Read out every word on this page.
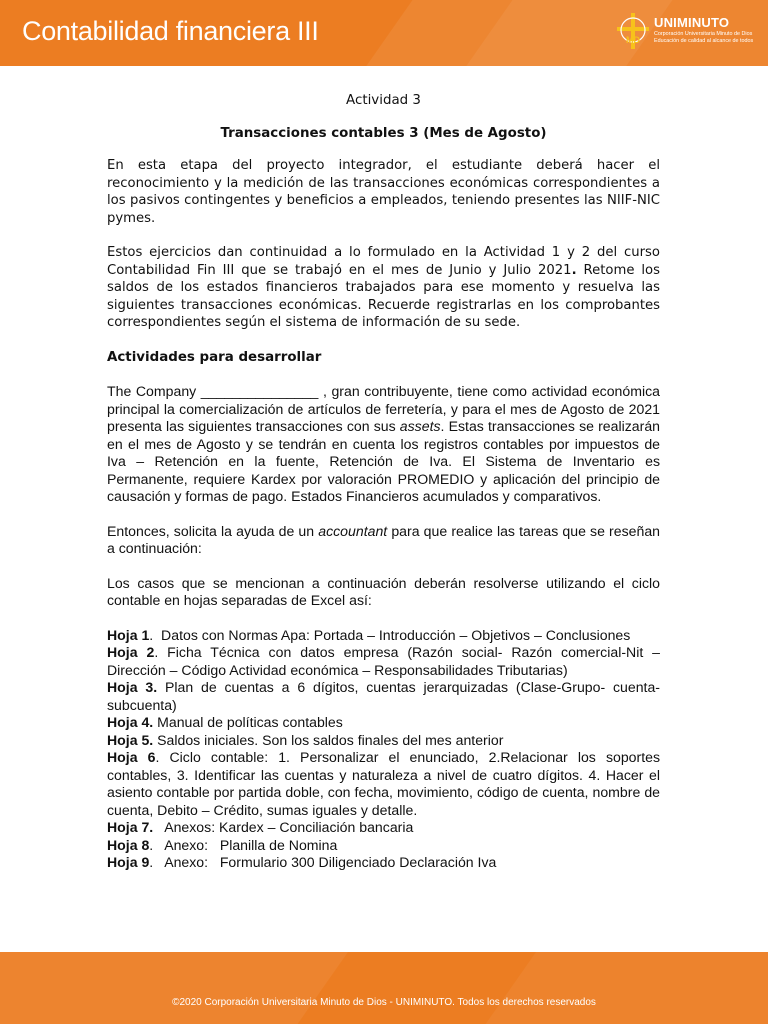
Contabilidad financiera III	MD
UNIMINUTO
Corporación Universitaria Minuto de Dios
Educación de calidad al alcance de todos
Actividad 3
Transacciones contables 3 (Mes de Agosto)

En esta etapa del proyecto integrador, el estudiante deberá hacer el reconocimiento y la medición de las transacciones económicas correspondientes a los pasivos contingentes y beneficios a empleados, teniendo presentes las NIIF-NIC pymes.

Estos ejercicios dan continuidad a lo formulado en la Actividad 1 y 2 del curso Contabilidad Fin III que se trabajó en el mes de Junio y Julio 2021. Retome los saldos de los estados financieros trabajados para ese momento y resuelva las siguientes transacciones económicas. Recuerde registrarlas en los comprobantes correspondientes según el sistema de información de su sede.

Actividades para desarrollar

The Company _______________ , gran contribuyente, tiene como actividad económica principal la comercialización de artículos de ferretería, y para el mes de Agosto de 2021 presenta las siguientes transacciones con sus assets. Estas transacciones se realizarán en el mes de Agosto y se tendrán en cuenta los registros contables por impuestos de Iva – Retención en la fuente, Retención de Iva. El Sistema de Inventario es Permanente, requiere Kardex por valoración PROMEDIO y aplicación del principio de causación y formas de pago. Estados Financieros acumulados y comparativos.

Entonces, solicita la ayuda de un accountant para que realice las tareas que se reseñan a continuación:

Los casos que se mencionan a continuación deberán resolverse utilizando el ciclo contable en hojas separadas de Excel así:

Hoja 1.  Datos con Normas Apa: Portada – Introducción – Objetivos – Conclusiones
Hoja 2. Ficha Técnica con datos empresa (Razón social- Razón comercial-Nit – Dirección – Código Actividad económica – Responsabilidades Tributarias)
Hoja 3. Plan de cuentas a 6 dígitos, cuentas jerarquizadas (Clase-Grupo- cuenta-subcuenta)
Hoja 4. Manual de políticas contables
Hoja 5. Saldos iniciales. Son los saldos finales del mes anterior
Hoja 6. Ciclo contable: 1. Personalizar el enunciado, 2.Relacionar los soportes contables, 3. Identificar las cuentas y naturaleza a nivel de cuatro dígitos. 4. Hacer el asiento contable por partida doble, con fecha, movimiento, código de cuenta, nombre de cuenta, Debito – Crédito, sumas iguales y detalle.
Hoja 7.   Anexos: Kardex – Conciliación bancaria
Hoja 8.   Anexo:   Planilla de Nomina
Hoja 9.   Anexo:   Formulario 300 Diligenciado Declaración Iva
©2020 Corporación Universitaria Minuto de Dios - UNIMINUTO. Todos los derechos reservados
